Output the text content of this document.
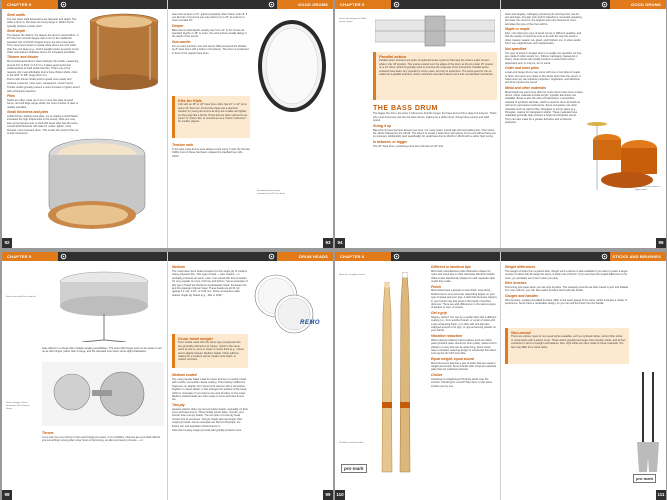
CHAPTER 5	GOOD DRUMS
Shell width
The two basic shell dimensions are diameter and depth. The wider a drum is, the lower its tuning range is. Wider drums typically produce a lower pitch.
Shell depth
The deeper the shell is, the deeper the drum's sound will be. A 16" floor tom sounds deeper than a tom in the traditional standard size of 16x16. Deeper drums are less responsive: They need more power to speak. Most drums are a bit wider than they are deep (e.g., 10x12 usually known as power toms). Other sets feature shallower drums for increased portability.
Thinner and thicker
Most professional drums have relatively thin shells, measuring around 1/4" to 5/16" or 6-8 mm. It takes good wood and craftsmanship to build shells that thin. That's one of the reasons why most affordable drums have thicker shells, often in the 5/16" to 3/8" range (8-9 mm).
Drums with thinner shells tend to speak more easily and produce a warmer, more open, transparent, 'wood' sound.
Thicker shells typically present a more focused or tighter sound with enhanced projection.
Plies
Shells are often made up of six or more thin plies of wood. Some, and still large range shells, the more number of plies is usually specified.
Small thickness and plies
A little thinner. Adding extra plies, not to making a shell thicker, increases the high frequencies in the sound, while one may lose some lowness and. A shell with fewer plies has the same overall shell thickness will make for a drier, tighter, more focused, more resonant drum. This is also the result of the not to lose resonance.
been has as been a 12", gained popularity when fusion took off. If you like lots of toms but you may want to try a 16" as even for a more rounded 16".
Deeper
Bass drums shell depths usually vary from 14" to 22" known as standard depths or 18" or more, the extra inches usually taking in the depth of the sound.
Sub-woofer
For an extra punchier, low-end sound, EMI pioneered the Woofer, an 8" bass drum with a built-in microphone. The drum is positioned in front of the regular bass drum.
Kits for Kids
A kit with an 18" or 20" bass drum often has 10" or 12" toms and a 14" floor tom. Drums like these are a practical solution for young drummers as they are smaller and lighter, yet they play like a full kit. These kits are often referred to as 'junior' or 'fusion' kits, or sometimes as a 'fusion' instrument for smaller players.
Tension rods
In the past, bass drums were always tuned using T-rods. By the late 1990s most of these had been replaced by standard key rods, which
A traditional (no-mount) standard-size 20" bass drum
92	93
CHAPTER 5	GOOD DRUMS
Snare with integrated 'Dollar' mount system
Parallel action
Parallel action strainers are quite complicated snare systems that keep the snares under tension while in the 'off' position. The snares extend over the edges of the drum so they're under 15" snares on a 14" drum, which is typically used to promote the response of the instrument. Parallel action strainers have been very popular for some years, but they're expensive. The same goes for the so-called semi-parallel strainers, which combined extended snares and a less complicated mechanism.
THE BASS DRUM
The bigger the drum, the lower it will sound. And the longer. For bass drums this is deep but long too. That's why most drummers use the two bass drums, making for a rather short, though less punchy and solid sound.
Sizing it up
Bass drums have become deeper over time. For many years, 14x22 was the best-selling size. Then came the 16x22 followed by the 18x22. The idea is to create a bass drum with plenty of low end without being too so resonant. Additionally (and specifically) for small bass drums 16x18 or 18x20 with a rather high tuning.
In between, or bigger
The 20" bass drum, producing more low end than an 18" and
fresh and singlely, mahogany (proseniy kits and beyond), two-for-one and bass, but also rock and for bass/toms, Generally speaking, the lower the sound is, the brighter and more focused or more articulate the tone of the drum will be.
Maple or maple
Also, note that every type of wood comes in different qualities, and that the quality of wood has a lot to do with the way the wood is dried, treated, sealed, cut, glued, and finished, too. In other words: Don't use maple/tinsels, and maple/tinsels...
Not specified
The type of wood on budget drums is usually not specified. As they are made of softer woods (i.e., Filipino mahogany, basswood or linwe), these drums will usually produce a sound that's either dependent and, or may be, be no wood.
Outer and inner plies
Lower-end range drums may come with one or two plies of maple or birch, but never any closer to the whole drum than the sound. A bead never ply can enhance projection, brightness, and definition, and thus improve the sound.
Metal and other materials
Metal shells are used more often for snare drums than toms or bass drums. Other materials include acrylic, typically aluminium are available. Brass is also the case of brassmines, a wood-fibre material of synthetic laminate, which is used for drum kit shells as well as for percussion instruments. Some companies use other materials such as carbon fibre, fibreglass or acrylic glass (e.g., Plexiglas, making for transparent shells). These materials have malleable generally help produce a bright and brightest sound. They can also make for a greater definition and enhanced projection.
Transparent plexi drums: a bright sound
94	95
CHAPTER 5	DRUM HEADS
Snare drum with bass drum tilt
bass effects in a cheap with multiple rangling possibilities. The ones with hinges seem to be easier to set up as with hinges, rather than in large, and the standard ones have some slight drawbacks.
Snare: change of bass dimension from Chinese Drums
Throne
If you can't put your throne to the exact height you need, or if it wobbles, chances are your back will tell you something's wrong after a few hours of drumming, so after just twenty minutes — or
Medium
The most basic drum head consists of a thin single ply of medium heavy polyester film. This type of head — also coated — is probably produces an warm, even, true sound with lots of sustain. It's very popular on toms, both top and bottom. Some examples of this type of head are the Remo Ambassador Clear, the Evans G1, and the Aquarian Classic Clear. These heads are all 10 mil (gauge 0.1 mil), 0.25", or 0.25 mm. Some companies make heavier single-ply heads (e.g., 10H or 10M).
Drum head weight
Drum heads made with the same type of polyester film are generally referred to as 'heavy', which is the same same at one is, yet is in cases it means thick (e.g., Clear) and is slightly heavier. Medium heads. Other editions, making for a medium sound, heads more bright, or mellow, and less.
Medium coated
The most popular batter head for snare drums is a medium head with a white, somewhat coarse coating. This coating muffles the head ever so slightly: let it sound a bit warmer with a somewhat brighter or crisper attack. It also changes the surface of the head, which is necessary if you want to use wire brushes on the snare. Medium coated heads are often used on toms and bass drums too.
Two-ply
Heavier plastics often use two-ply batter heads, especially on their toms and bass drums. These heads sound fatter, rounder, and shorter than one-ply heads. The two plies of a two-ply head contain lots of overtones. Two-ply heads also last longer than single ply heads. Some examples are Remo's Pinstripe, the Evans G2, and Aquarian's Performance II.
Note that a heavy single ply head will typically produce more
REMO
98	99
CHAPTER 6	STICKS AND BRUSHES
Nylon tip: a brighter sound
Pro-Mark: matched sticks
pro·mark
Different or identical tips
Most stick manufacturers offer distinctive shapes for nylon and wood tips on their otherwise identical models. Others have identical tip shapes for each separate stick model they make.
Finish
Most sticks have a lacquer or wax finish. How those finishes feel is very personal, depending largely on your type of sweat and your grip. A stick that becomes slippery in your hands may feel great in the hands of another drummer. There are also differences in the various types of lacquer or wax, of course.
Get a grip
Slippery sticks? You can try a similar stick with a different coating (i.e., from another brand), or a pair of sticks with a grip enhancing finish, or a stick with anti-slip tape wrapped around or for grip, or grip-enhancing powder on your hands.
Vibration reduction
When playing relatively hard surfaces such as rubber pads (practice pads, electronic drum pads), sticks tend to vibrate in a way that can be quite tiring. Some sticks have a vibration reducing design to counteract this effect, such as the Vic Firth Anti-Vibe.
Equal weight, equal sound
Most drummers feel that a pair of sticks that are equal in weight and sound. Some brands offer computer-selected pairs that are matched precisely.
Choice
Checking for straightness? Roll the sticks over the counter. Checking for sound? Play them on the same surface one by one.
Weight differences
The weight of sticks from a paired stick, though such a device is also available if you want to select a larger number of sticks that all weigh the same. A basic rule of thumb: If you can't feel the weight difference in the store, you probably won't feel it when you play.
Wire brushes
Drumming gets quiet when you use wire brushes. The sweeping sounds are often heard in jazz and ballads. For more volume, you can also select brushes which will play louder.
Gauges and handles
Wire brushes, usually just called brushes, differ in the exact gauge of the wires, which is largely a matter of preference. Some have a retractable design, so you can pull the brush into the handle.
Non-wood
There are various types of non-wood sticks available, such as synthetic sticks, carbon fiber sticks, or metal sticks with a plastic cover. These sticks typically last longer than wooden sticks, and all feel consistent in terms of weight and balance. Also, light sticks are often made of these materials. The feel may differ from wood sticks.
pro·mark
110	111
